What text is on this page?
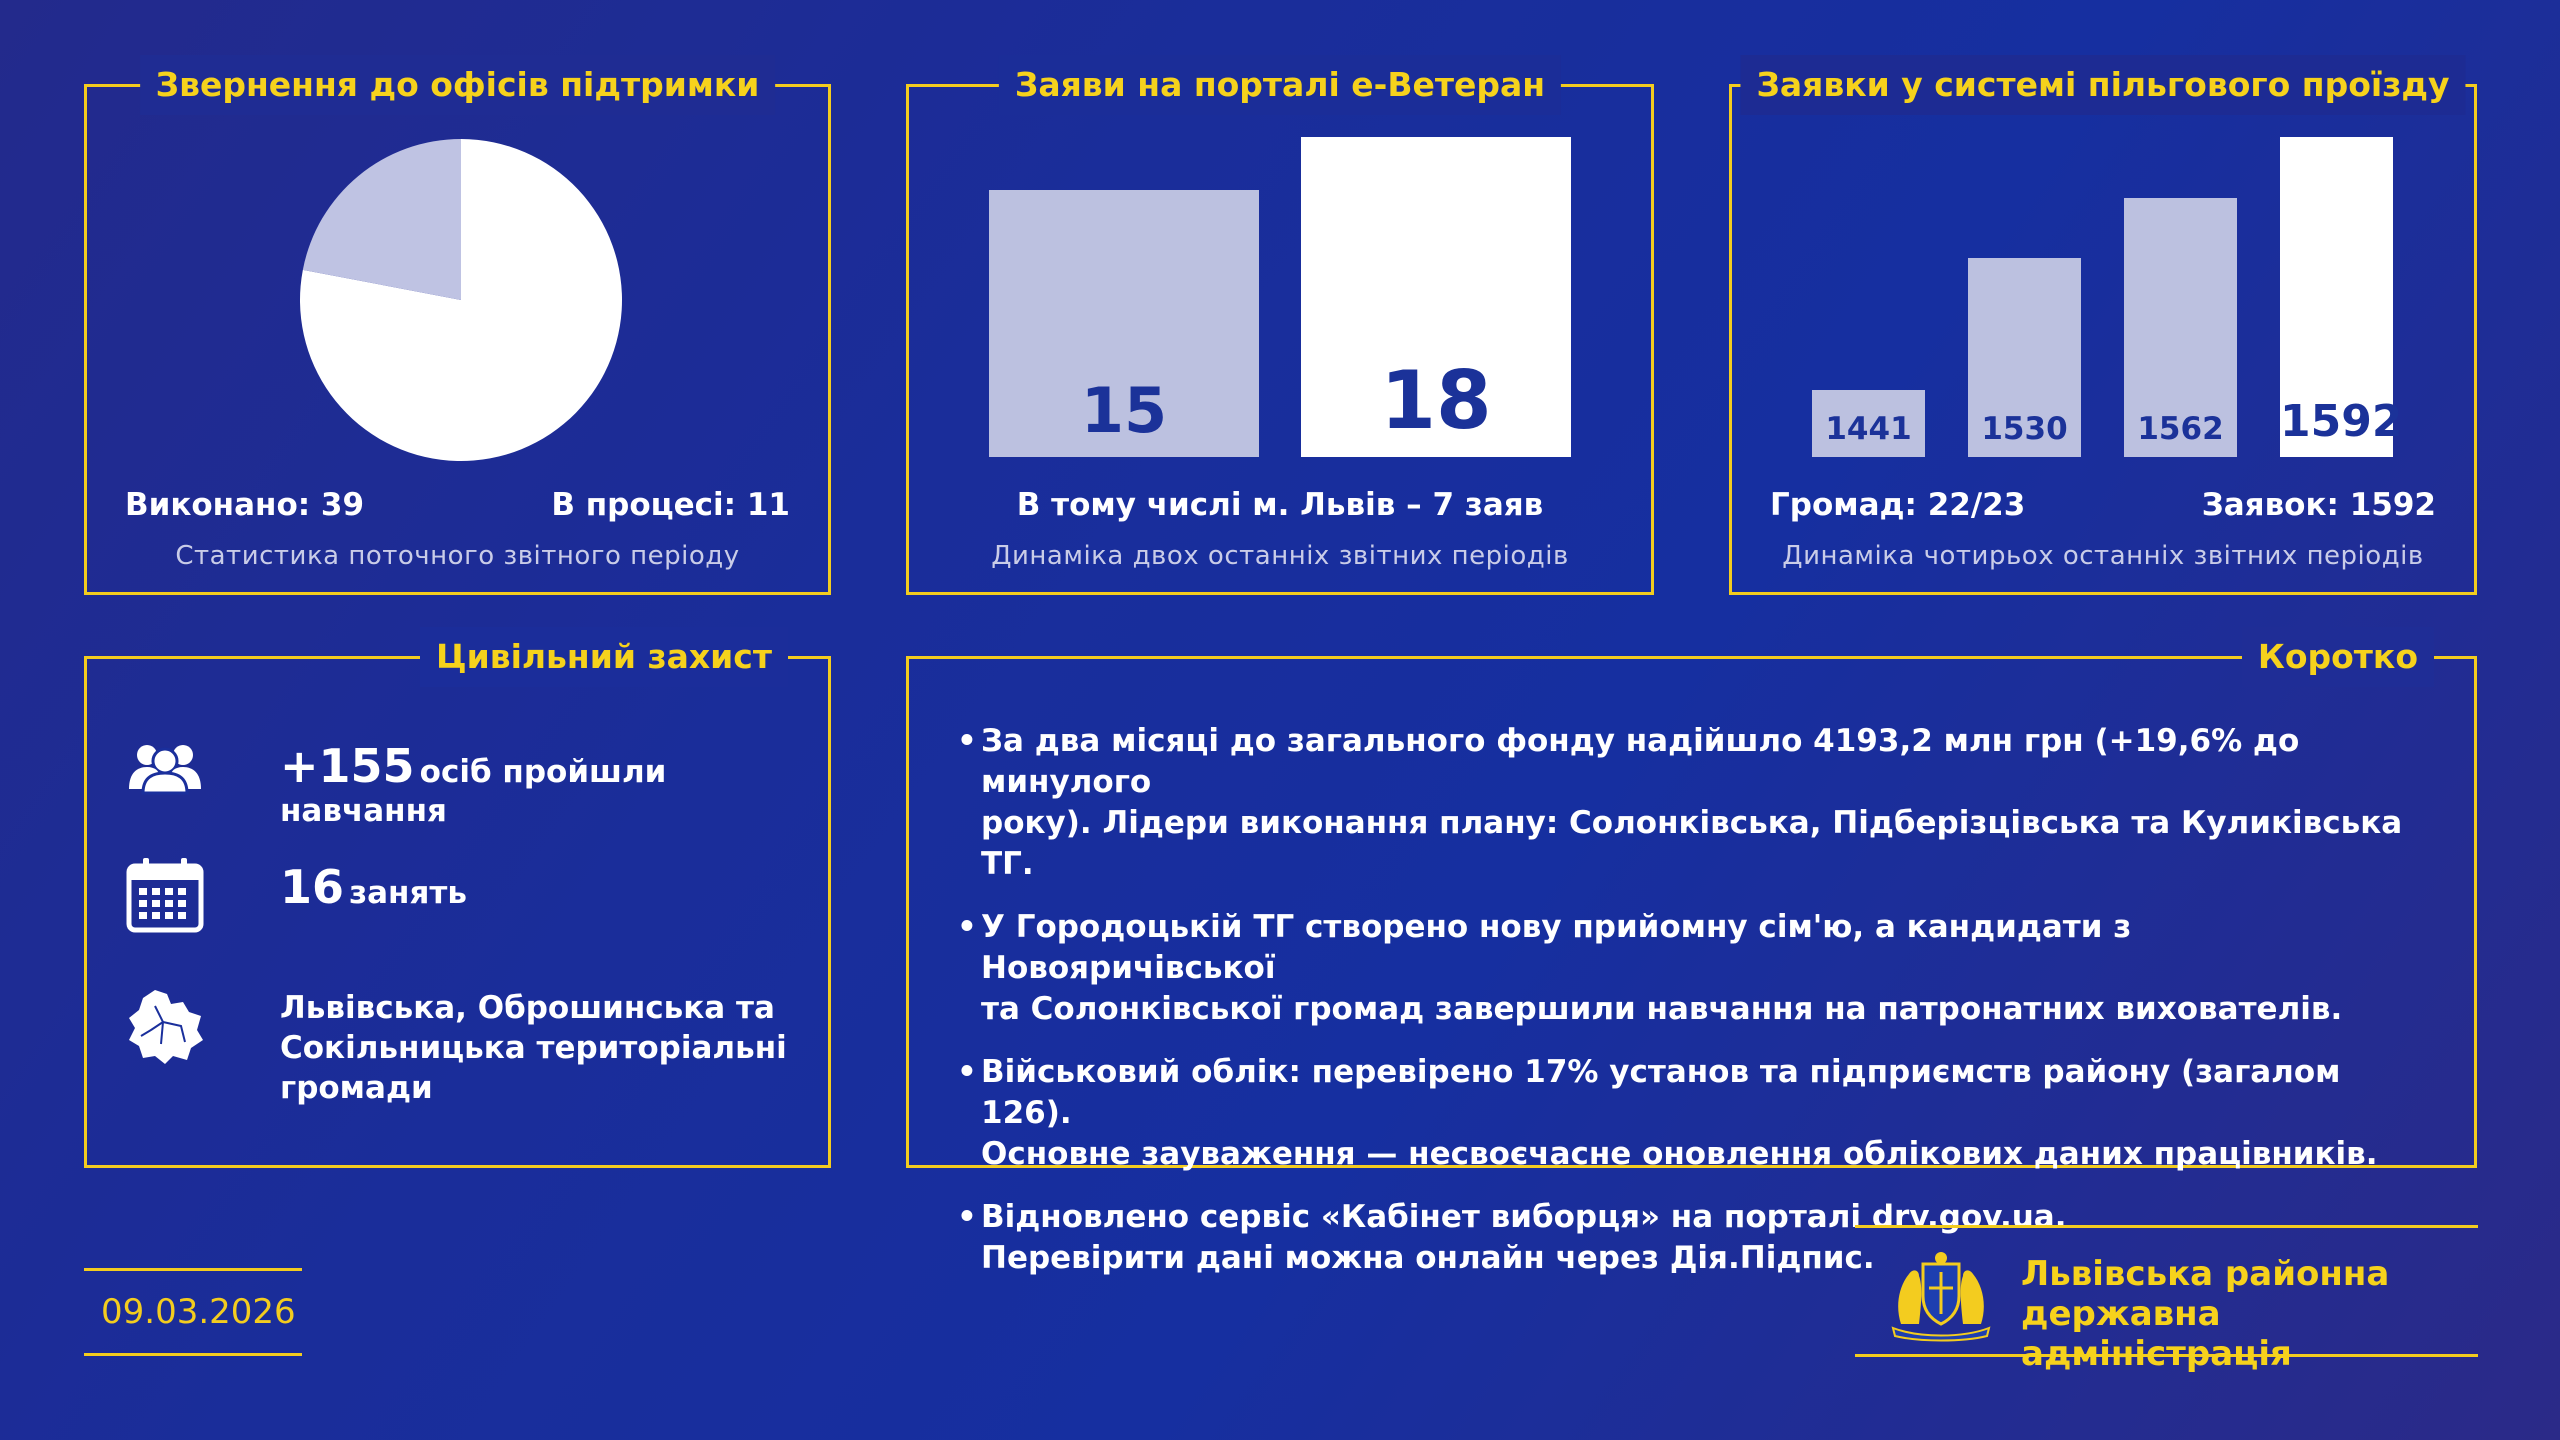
Звернення до офісів підтримки
Виконано: 39	В процесі: 11
Статистика поточного звітного періоду
Заяви на порталі е-Ветеран
15	18
В тому числі м. Львів – 7 заяв
Динаміка двох останніх звітних періодів
Заявки у системі пільгового проїзду
1441	1530	1562	1592
Громад: 22/23	Заявок: 1592
Динаміка чотирьох останніх звітних періодів
Цивільний захист
+155 осіб пройшли навчання
16 занять
Львівська, Оброшинська та
Сокільницька територіальні
громади
Коротко
• За два місяці до загального фонду надійшло 4193,2 млн грн (+19,6% до минулого
року). Лідери виконання плану: Солонківська, Підберізцівська та Куликівська ТГ.
• У Городоцькій ТГ створено нову прийомну сім'ю, а кандидати з Новояричівської
та Солонківської громад завершили навчання на патронатних вихователів.
• Військовий облік: перевірено 17% установ та підприємств району (загалом 126).
Основне зауваження — несвоєчасне оновлення облікових даних працівників.
• Відновлено сервіс «Кабінет виборця» на порталі drv.gov.ua.
Перевірити дані можна онлайн через Дія.Підпис.
09.03.2026
Львівська районна
державна адміністрація
